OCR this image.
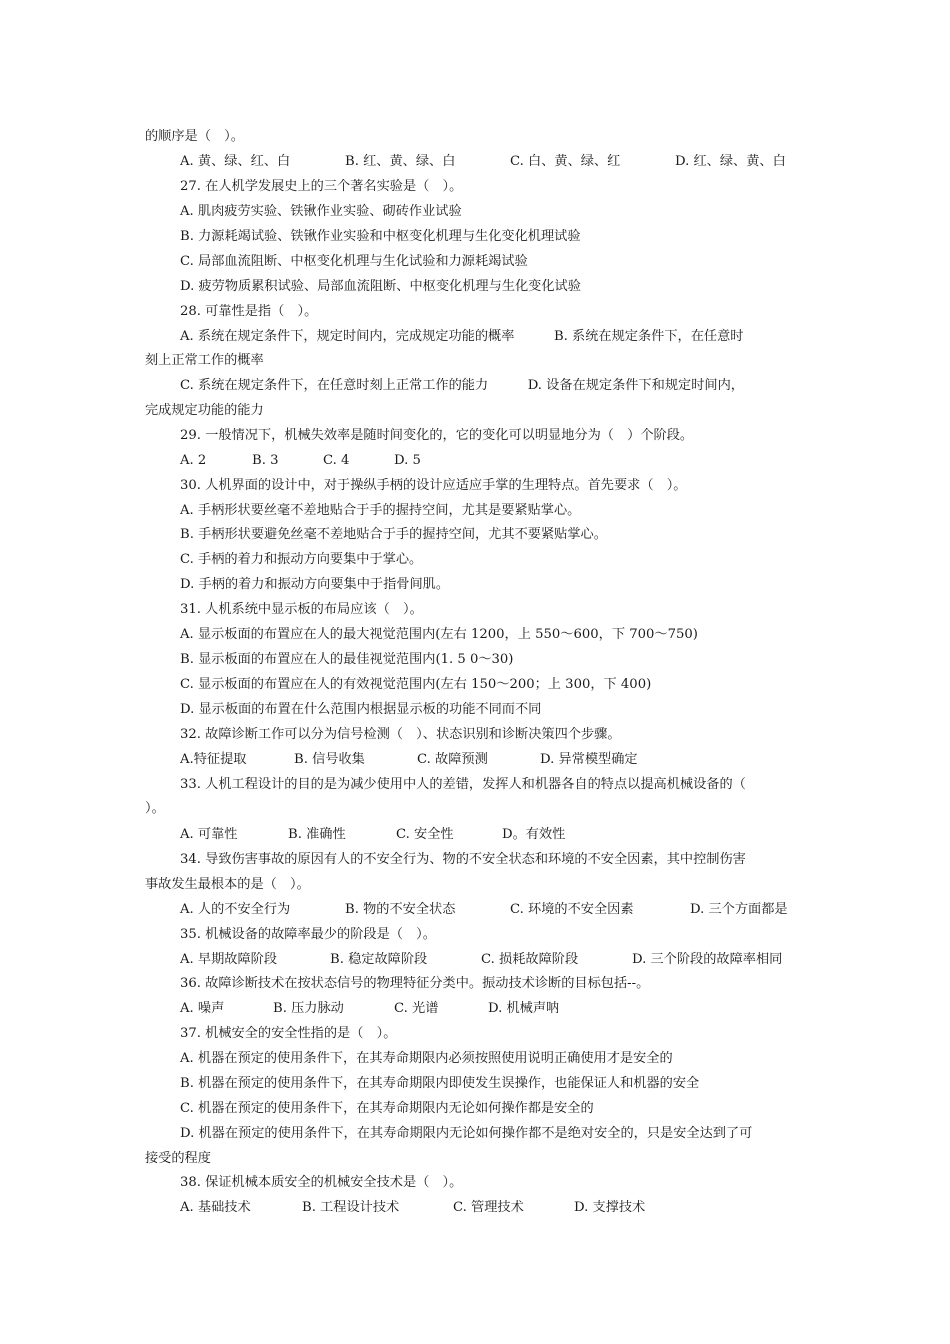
的顺序是（　）。
A. 黄、绿、红、白	B. 红、黄、绿、白	C. 白、黄、绿、红	D. 红、绿、黄、白
27. 在人机学发展史上的三个著名实验是（　）。
A. 肌肉疲劳实验、铁锹作业实验、砌砖作业试验
B. 力源耗竭试验、铁锹作业实验和中枢变化机理与生化变化机理试验
C. 局部血流阻断、中枢变化机理与生化试验和力源耗竭试验
D. 疲劳物质累积试验、局部血流阻断、中枢变化机理与生化变化试验
28. 可靠性是指（　）。
A. 系统在规定条件下，规定时间内，完成规定功能的概率　　　B. 系统在规定条件下，在任意时
刻上正常工作的概率
C. 系统在规定条件下，在任意时刻上正常工作的能力　　　D. 设备在规定条件下和规定时间内，
完成规定功能的能力
29. 一般情况下，机械失效率是随时间变化的，它的变化可以明显地分为（　）个阶段。
A. 2	B. 3	C. 4	D. 5
30. 人机界面的设计中，对于操纵手柄的设计应适应手掌的生理特点。首先要求（　）。
A. 手柄形状要丝毫不差地贴合于手的握持空间，尤其是要紧贴掌心。
B. 手柄形状要避免丝毫不差地贴合于手的握持空间，尤其不要紧贴掌心。
C. 手柄的着力和振动方向要集中于掌心。
D. 手柄的着力和振动方向要集中于指骨间肌。
31. 人机系统中显示板的布局应该（　）。
A. 显示板面的布置应在人的最大视觉范围内(左右 1200，上 550～600，下 700～750)
B. 显示板面的布置应在人的最佳视觉范围内(1. 5 0～30)
C. 显示板面的布置应在人的有效视觉范围内(左右 150～200；上 300，下 400)
D. 显示板面的布置在什么范围内根据显示板的功能不同而不同
32. 故障诊断工作可以分为信号检测（　）、状态识别和诊断决策四个步骤。
A.特征提取	B. 信号收集	C. 故障预测	D. 异常模型确定
33. 人机工程设计的目的是为减少使用中人的差错，发挥人和机器各自的特点以提高机械设备的（
）。
A. 可靠性	B. 准确性	C. 安全性	D。有效性
34. 导致伤害事故的原因有人的不安全行为、物的不安全状态和环境的不安全因素，其中控制伤害
事故发生最根本的是（　）。
A. 人的不安全行为	B. 物的不安全状态	C. 环境的不安全因素	D. 三个方面都是
35. 机械设备的故障率最少的阶段是（　）。
A. 早期故障阶段	B. 稳定故障阶段	C. 损耗故障阶段	D. 三个阶段的故障率相同
36. 故障诊断技术在按状态信号的物理特征分类中。振动技术诊断的目标包括--。
A. 噪声	B. 压力脉动	C. 光谱	D. 机械声呐
37. 机械安全的安全性指的是（　）。
A. 机器在预定的使用条件下，在其寿命期限内必须按照使用说明正确使用才是安全的
B. 机器在预定的使用条件下，在其寿命期限内即使发生误操作，也能保证人和机器的安全
C. 机器在预定的使用条件下，在其寿命期限内无论如何操作都是安全的
D. 机器在预定的使用条件下，在其寿命期限内无论如何操作都不是绝对安全的，只是安全达到了可
接受的程度
38. 保证机械本质安全的机械安全技术是（　）。
A. 基础技术	B. 工程设计技术	C. 管理技术	D. 支撑技术
